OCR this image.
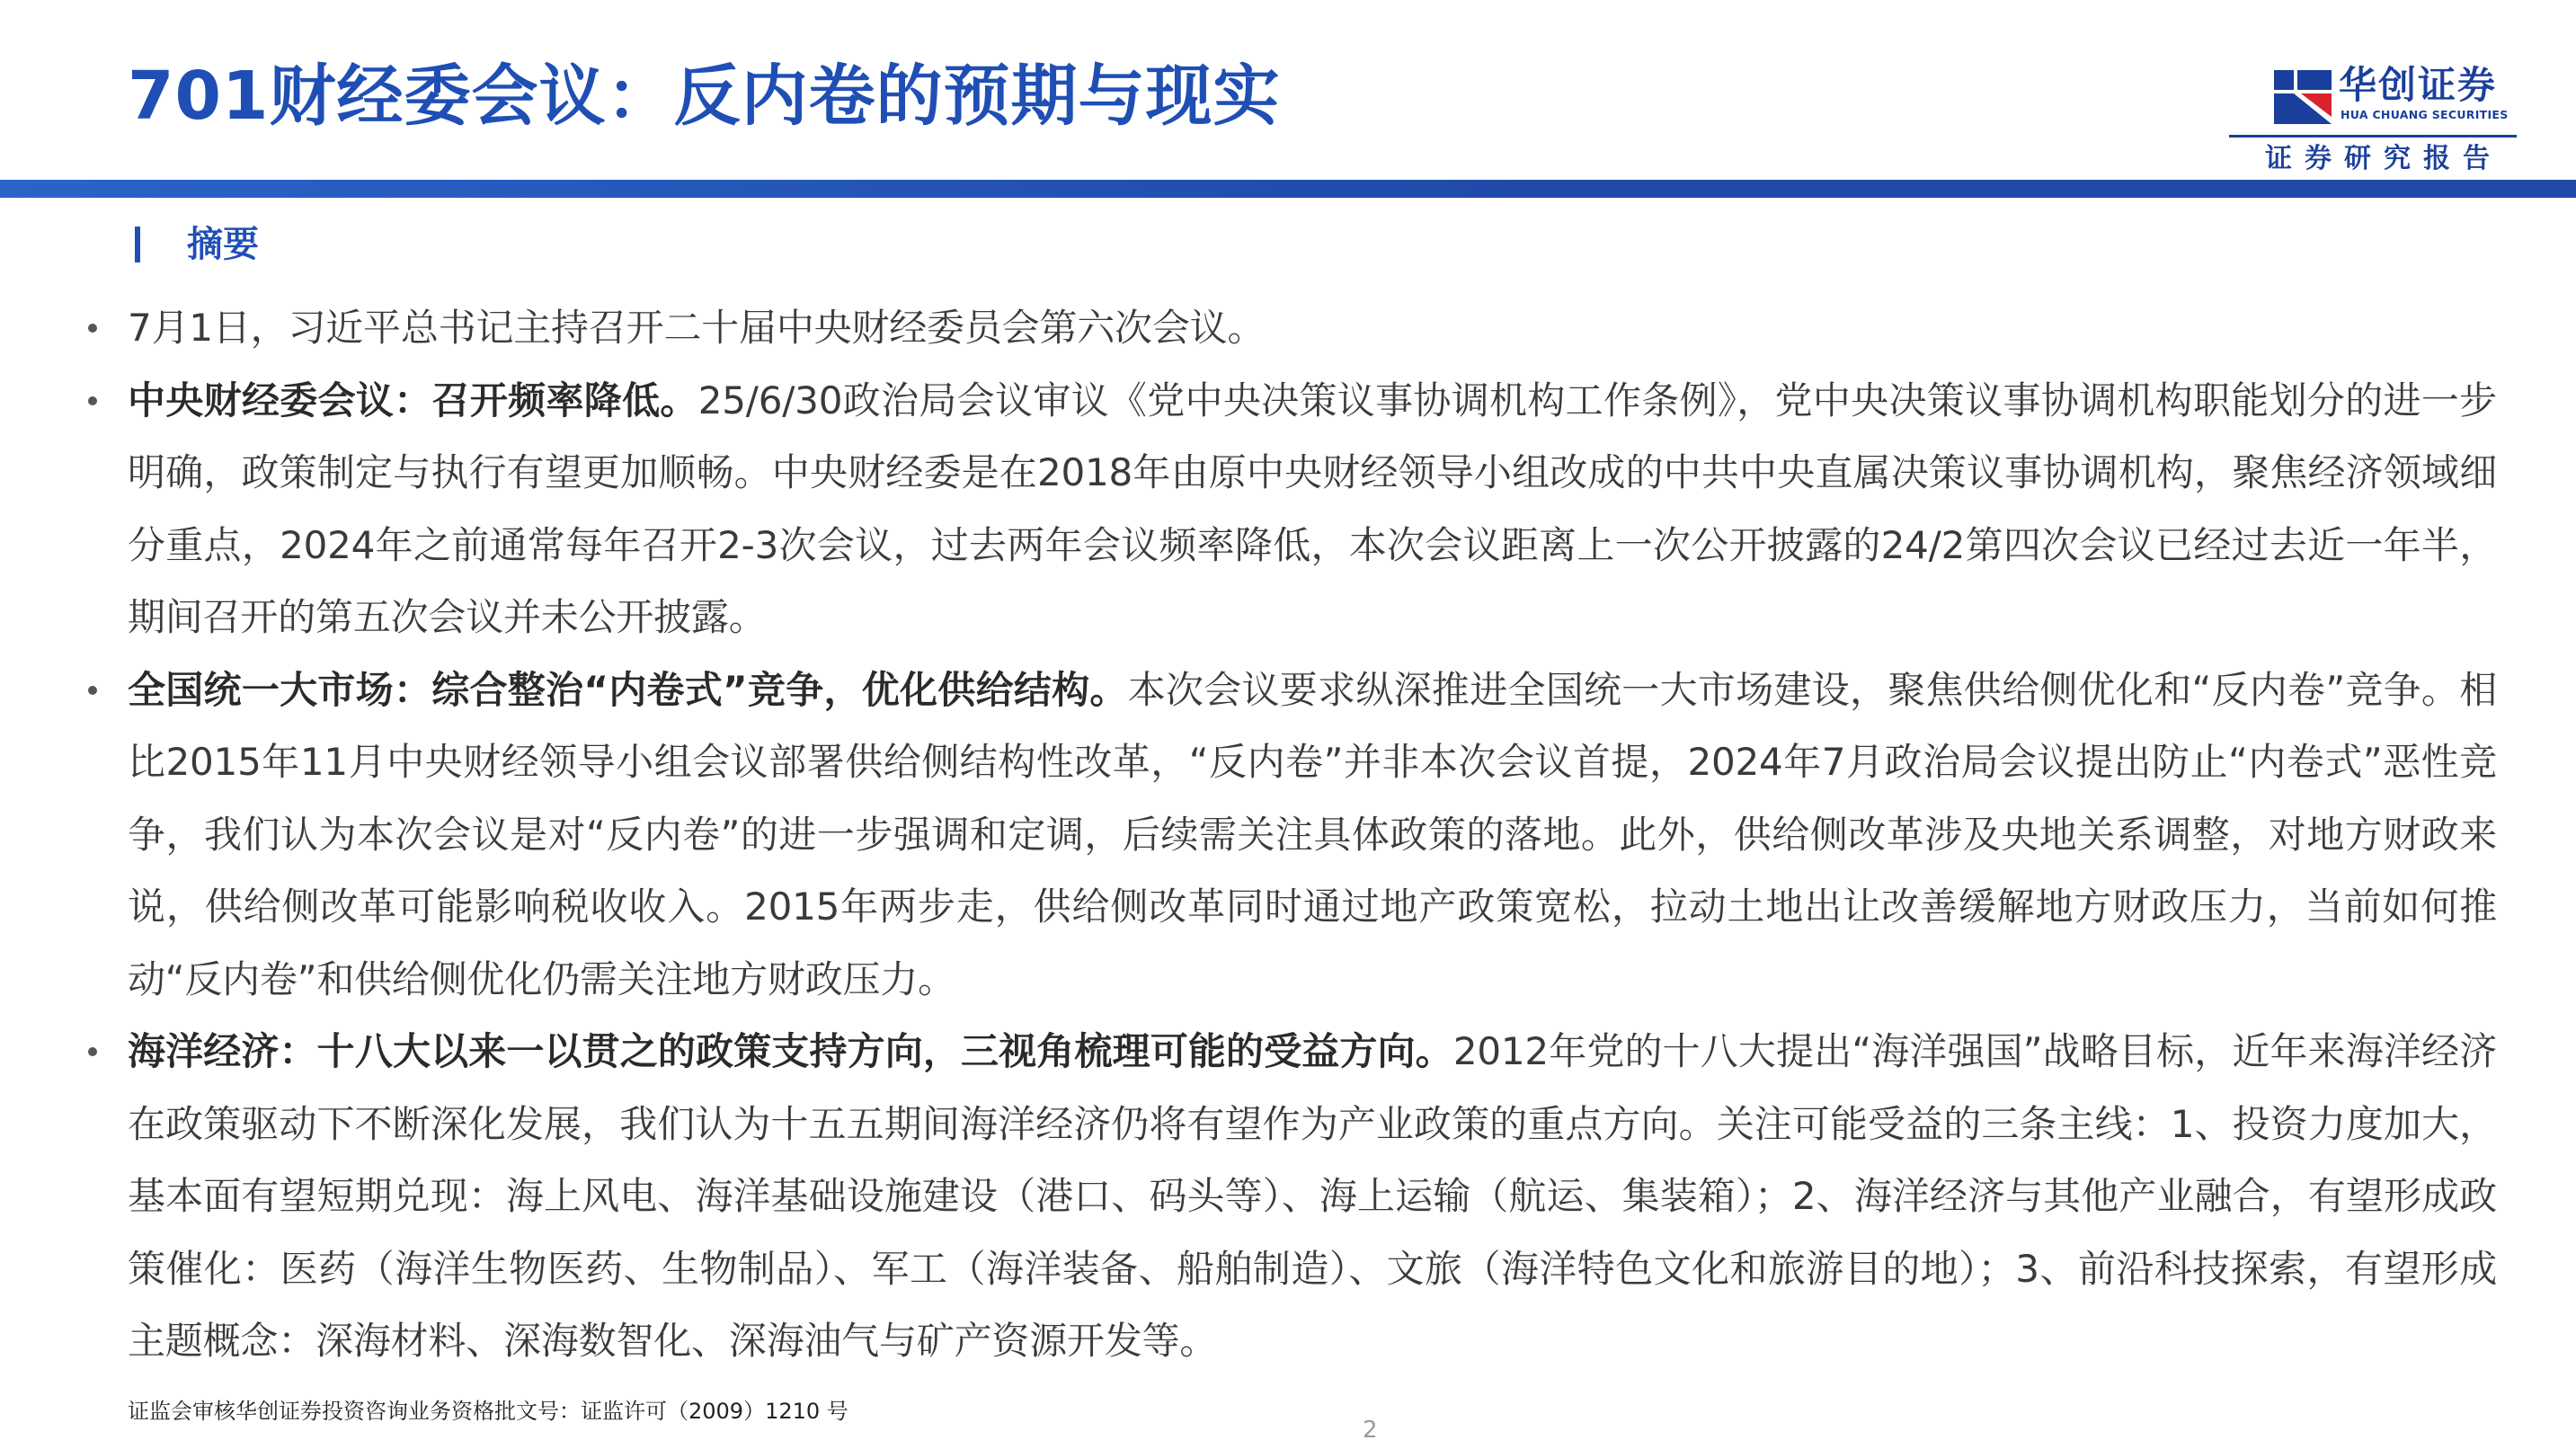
701财经委会议：反内卷的预期与现实	华创证券
HUA CHUANG SECURITIES
证券研究报告
摘要
7月1日，习近平总书记主持召开二十届中央财经委员会第六次会议。
中央财经委会议：召开频率降低。25/6/30政治局会议审议《党中央决策议事协调机构工作条例》，党中央决策议事协调机构职能划分的进一步明确，政策制定与执行有望更加顺畅。中央财经委是在2018年由原中央财经领导小组改成的中共中央直属决策议事协调机构，聚焦经济领域细分重点，2024年之前通常每年召开2-3次会议，过去两年会议频率降低，本次会议距离上一次公开披露的24/2第四次会议已经过去近一年半，期间召开的第五次会议并未公开披露。
全国统一大市场：综合整治“内卷式”竞争，优化供给结构。本次会议要求纵深推进全国统一大市场建设，聚焦供给侧优化和“反内卷”竞争。相比2015年11月中央财经领导小组会议部署供给侧结构性改革，“反内卷”并非本次会议首提，2024年7月政治局会议提出防止“内卷式”恶性竞争，我们认为本次会议是对“反内卷”的进一步强调和定调，后续需关注具体政策的落地。此外，供给侧改革涉及央地关系调整，对地方财政来说，供给侧改革可能影响税收收入。2015年两步走，供给侧改革同时通过地产政策宽松，拉动土地出让改善缓解地方财政压力，当前如何推动“反内卷”和供给侧优化仍需关注地方财政压力。
海洋经济：十八大以来一以贯之的政策支持方向，三视角梳理可能的受益方向。2012年党的十八大提出“海洋强国”战略目标，近年来海洋经济在政策驱动下不断深化发展，我们认为十五五期间海洋经济仍将有望作为产业政策的重点方向。关注可能受益的三条主线：1、投资力度加大，基本面有望短期兑现：海上风电、海洋基础设施建设（港口、码头等）、海上运输（航运、集装箱）；2、海洋经济与其他产业融合，有望形成政策催化：医药（海洋生物医药、生物制品）、军工（海洋装备、船舶制造）、文旅（海洋特色文化和旅游目的地）；3、前沿科技探索，有望形成主题概念：深海材料、深海数智化、深海油气与矿产资源开发等。
证监会审核华创证券投资咨询业务资格批文号：证监许可（2009）1210 号
2
